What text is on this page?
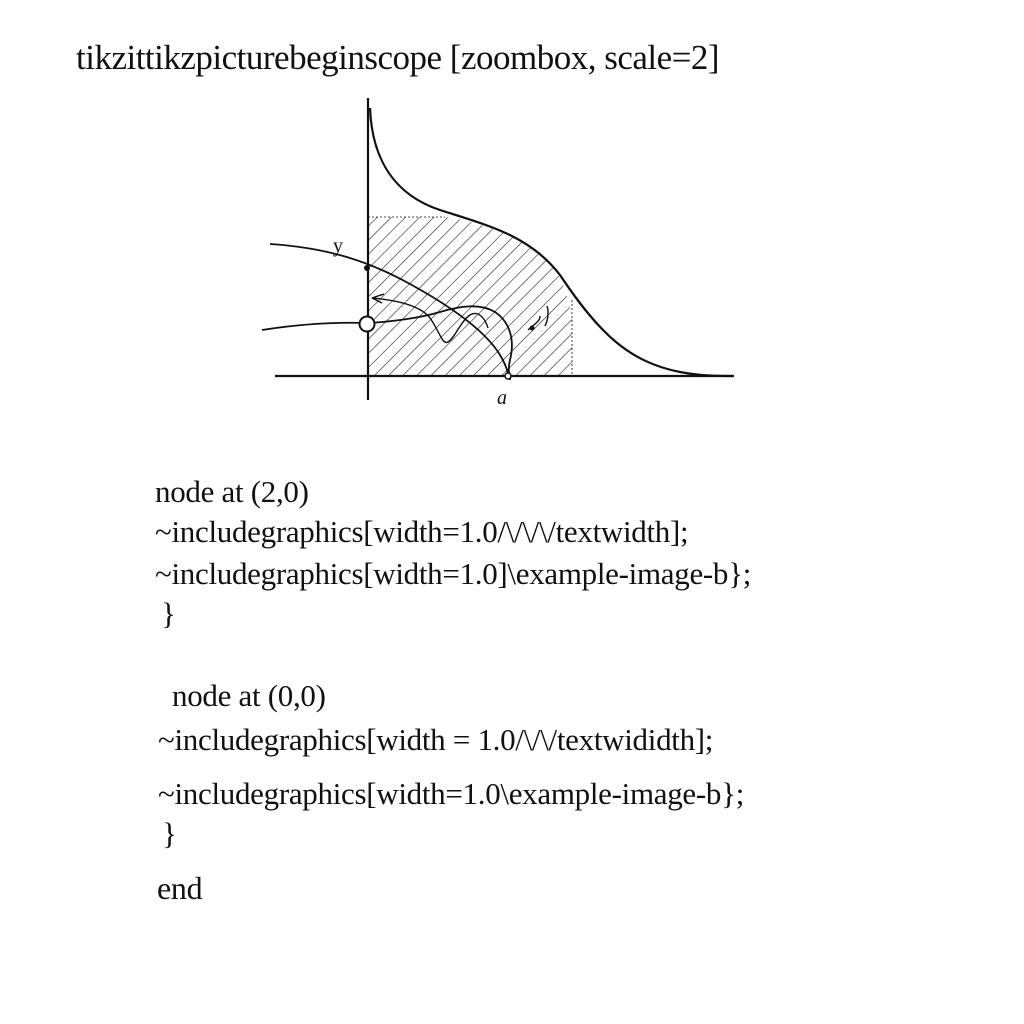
tikzittikzpicturebeginscope [zoombox, scale=2]
y
a

node at (2,0)

~includegraphics[width=1.0/\/\/\/textwidth];

~includegraphics[width=1.0]\example-image-b};

}

node at (0,0)

~includegraphics[width = 1.0/\/\/textwididth];

~includegraphics[width=1.0\example-image-b};

}

end
